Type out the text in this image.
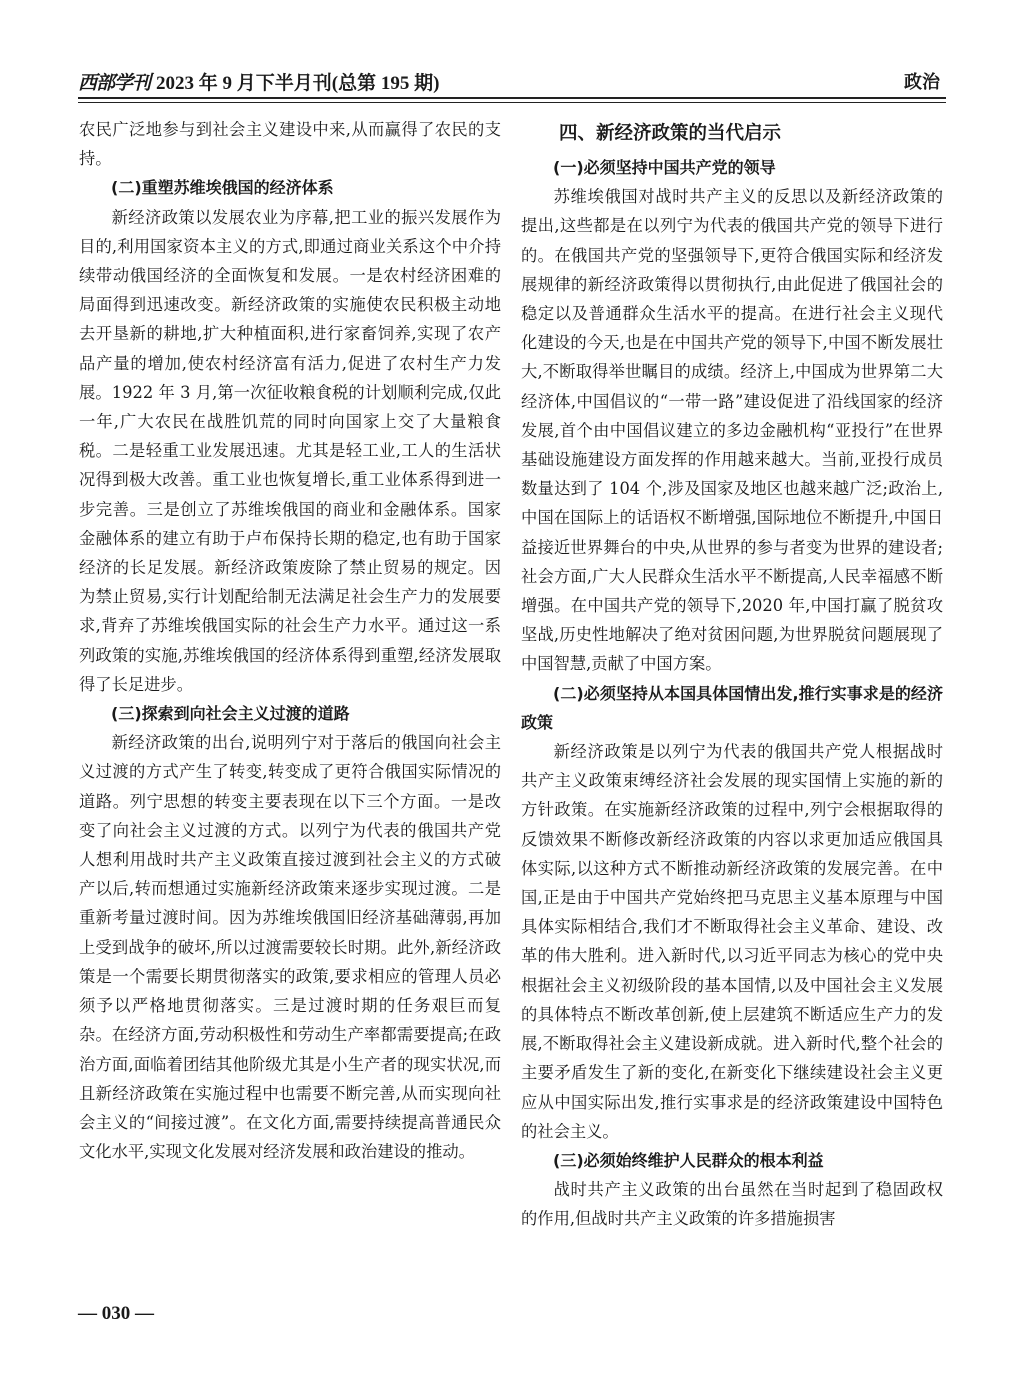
西部学刊 2023 年 9 月下半月刊(总第 195 期)	政治

农民广泛地参与到社会主义建设中来,从而赢得了农民的支持。

(二)重塑苏维埃俄国的经济体系

新经济政策以发展农业为序幕,把工业的振兴发展作为目的,利用国家资本主义的方式,即通过商业关系这个中介持续带动俄国经济的全面恢复和发展。一是农村经济困难的局面得到迅速改变。新经济政策的实施使农民积极主动地去开垦新的耕地,扩大种植面积,进行家畜饲养,实现了农产品产量的增加,使农村经济富有活力,促进了农村生产力发展。1922 年 3 月,第一次征收粮食税的计划顺利完成,仅此一年,广大农民在战胜饥荒的同时向国家上交了大量粮食税。二是轻重工业发展迅速。尤其是轻工业,工人的生活状况得到极大改善。重工业也恢复增长,重工业体系得到进一步完善。三是创立了苏维埃俄国的商业和金融体系。国家金融体系的建立有助于卢布保持长期的稳定,也有助于国家经济的长足发展。新经济政策废除了禁止贸易的规定。因为禁止贸易,实行计划配给制无法满足社会生产力的发展要求,背弃了苏维埃俄国实际的社会生产力水平。通过这一系列政策的实施,苏维埃俄国的经济体系得到重塑,经济发展取得了长足进步。

(三)探索到向社会主义过渡的道路

新经济政策的出台,说明列宁对于落后的俄国向社会主义过渡的方式产生了转变,转变成了更符合俄国实际情况的道路。列宁思想的转变主要表现在以下三个方面。一是改变了向社会主义过渡的方式。以列宁为代表的俄国共产党人想利用战时共产主义政策直接过渡到社会主义的方式破产以后,转而想通过实施新经济政策来逐步实现过渡。二是重新考量过渡时间。因为苏维埃俄国旧经济基础薄弱,再加上受到战争的破坏,所以过渡需要较长时期。此外,新经济政策是一个需要长期贯彻落实的政策,要求相应的管理人员必须予以严格地贯彻落实。三是过渡时期的任务艰巨而复杂。在经济方面,劳动积极性和劳动生产率都需要提高;在政治方面,面临着团结其他阶级尤其是小生产者的现实状况,而且新经济政策在实施过程中也需要不断完善,从而实现向社会主义的“间接过渡”。在文化方面,需要持续提高普通民众文化水平,实现文化发展对经济发展和政治建设的推动。

四、新经济政策的当代启示
(一)必须坚持中国共产党的领导

苏维埃俄国对战时共产主义的反思以及新经济政策的提出,这些都是在以列宁为代表的俄国共产党的领导下进行的。在俄国共产党的坚强领导下,更符合俄国实际和经济发展规律的新经济政策得以贯彻执行,由此促进了俄国社会的稳定以及普通群众生活水平的提高。在进行社会主义现代化建设的今天,也是在中国共产党的领导下,中国不断发展壮大,不断取得举世瞩目的成绩。经济上,中国成为世界第二大经济体,中国倡议的“一带一路”建设促进了沿线国家的经济发展,首个由中国倡议建立的多边金融机构“亚投行”在世界基础设施建设方面发挥的作用越来越大。当前,亚投行成员数量达到了 104 个,涉及国家及地区也越来越广泛;政治上,中国在国际上的话语权不断增强,国际地位不断提升,中国日益接近世界舞台的中央,从世界的参与者变为世界的建设者;社会方面,广大人民群众生活水平不断提高,人民幸福感不断增强。在中国共产党的领导下,2020 年,中国打赢了脱贫攻坚战,历史性地解决了绝对贫困问题,为世界脱贫问题展现了中国智慧,贡献了中国方案。

(二)必须坚持从本国具体国情出发,推行实事求是的经济政策

新经济政策是以列宁为代表的俄国共产党人根据战时共产主义政策束缚经济社会发展的现实国情上实施的新的方针政策。在实施新经济政策的过程中,列宁会根据取得的反馈效果不断修改新经济政策的内容以求更加适应俄国具体实际,以这种方式不断推动新经济政策的发展完善。在中国,正是由于中国共产党始终把马克思主义基本原理与中国具体实际相结合,我们才不断取得社会主义革命、建设、改革的伟大胜利。进入新时代,以习近平同志为核心的党中央根据社会主义初级阶段的基本国情,以及中国社会主义发展的具体特点不断改革创新,使上层建筑不断适应生产力的发展,不断取得社会主义建设新成就。进入新时代,整个社会的主要矛盾发生了新的变化,在新变化下继续建设社会主义更应从中国实际出发,推行实事求是的经济政策建设中国特色的社会主义。

(三)必须始终维护人民群众的根本利益

战时共产主义政策的出台虽然在当时起到了稳固政权的作用,但战时共产主义政策的许多措施损害

— 030 —
